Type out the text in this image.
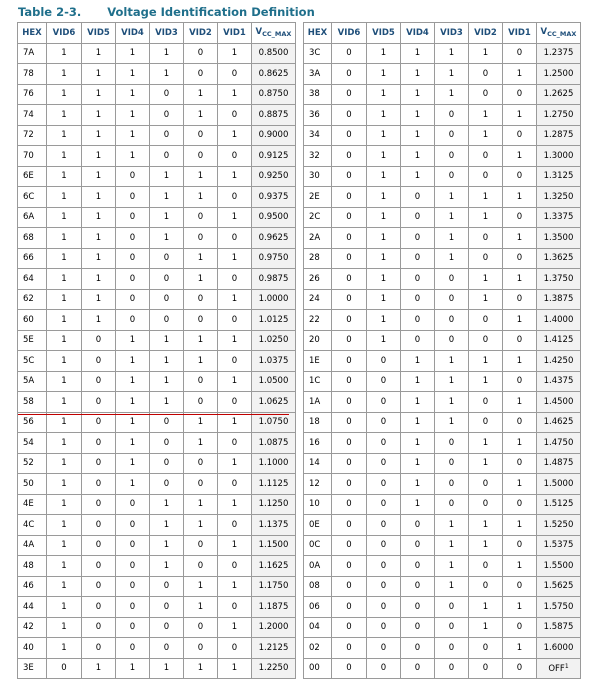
Table 2-3. Voltage Identification Definition
HEX	VID6	VID5	VID4	VID3	VID2	VID1	$V_{CC\_MAX}$		HEX	VID6	VID5	VID4	VID3	VID2	VID1	$V_{CC\_MAX}$
7A	1	1	1	1	0	1	0.8500		3C	0	1	1	1	1	0	1.2375
78	1	1	1	1	0	0	0.8625		3A	0	1	1	1	0	1	1.2500
76	1	1	1	0	1	1	0.8750		38	0	1	1	1	0	0	1.2625
74	1	1	1	0	1	0	0.8875		36	0	1	1	0	1	1	1.2750
72	1	1	1	0	0	1	0.9000		34	0	1	1	0	1	0	1.2875
70	1	1	1	0	0	0	0.9125		32	0	1	1	0	0	1	1.3000
6E	1	1	0	1	1	1	0.9250		30	0	1	1	0	0	0	1.3125
6C	1	1	0	1	1	0	0.9375		2E	0	1	0	1	1	1	1.3250
6A	1	1	0	1	0	1	0.9500		2C	0	1	0	1	1	0	1.3375
68	1	1	0	1	0	0	0.9625		2A	0	1	0	1	0	1	1.3500
66	1	1	0	0	1	1	0.9750		28	0	1	0	1	0	0	1.3625
64	1	1	0	0	1	0	0.9875		26	0	1	0	0	1	1	1.3750
62	1	1	0	0	0	1	1.0000		24	0	1	0	0	1	0	1.3875
60	1	1	0	0	0	0	1.0125		22	0	1	0	0	0	1	1.4000
5E	1	0	1	1	1	1	1.0250		20	0	1	0	0	0	0	1.4125
5C	1	0	1	1	1	0	1.0375		1E	0	0	1	1	1	1	1.4250
5A	1	0	1	1	0	1	1.0500		1C	0	0	1	1	1	0	1.4375
58	1	0	1	1	0	0	1.0625		1A	0	0	1	1	0	1	1.4500
56	1	0	1	0	1	1	1.0750		18	0	0	1	1	0	0	1.4625
54	1	0	1	0	1	0	1.0875		16	0	0	1	0	1	1	1.4750
52	1	0	1	0	0	1	1.1000		14	0	0	1	0	1	0	1.4875
50	1	0	1	0	0	0	1.1125		12	0	0	1	0	0	1	1.5000
4E	1	0	0	1	1	1	1.1250		10	0	0	1	0	0	0	1.5125
4C	1	0	0	1	1	0	1.1375		0E	0	0	0	1	1	1	1.5250
4A	1	0	0	1	0	1	1.1500		0C	0	0	0	1	1	0	1.5375
48	1	0	0	1	0	0	1.1625		0A	0	0	0	1	0	1	1.5500
46	1	0	0	0	1	1	1.1750		08	0	0	0	1	0	0	1.5625
44	1	0	0	0	1	0	1.1875		06	0	0	0	0	1	1	1.5750
42	1	0	0	0	0	1	1.2000		04	0	0	0	0	1	0	1.5875
40	1	0	0	0	0	0	1.2125		02	0	0	0	0	0	1	1.6000
3E	0	1	1	1	1	1	1.2250		00	0	0	0	0	0	0	OFF$^1$
